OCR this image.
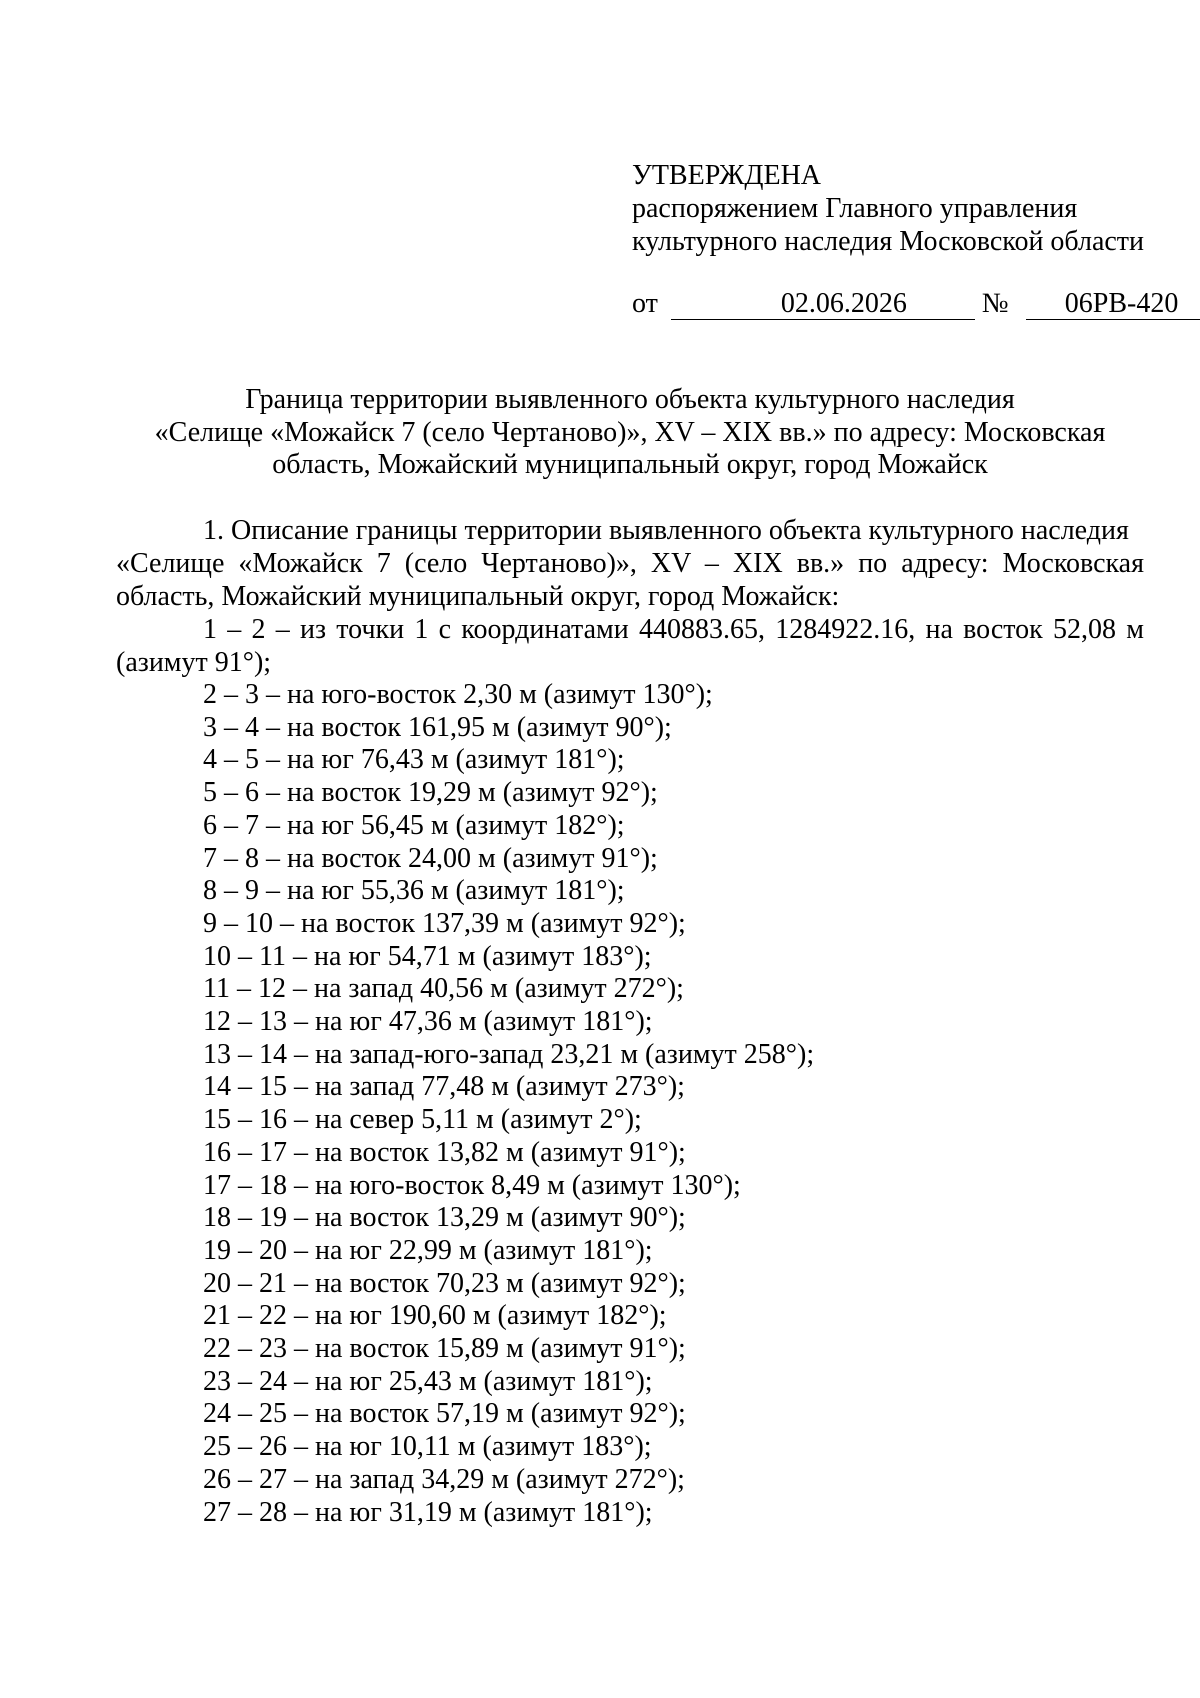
УТВЕРЖДЕНА
распоряжением Главного управления
культурного наследия Московской области
от	02.06.2026	№ 06РВ-420
Граница территории выявленного объекта культурного наследия
«Селище «Можайск 7 (село Чертаново)», XV – XIX вв.» по адресу: Московская
область, Можайский муниципальный округ, город Можайск
1. Описание границы территории выявленного объекта культурного наследия
«Селище «Можайск 7 (село Чертаново)», XV – XIX вв.» по адресу: Московская
область, Можайский муниципальный округ, город Можайск:
1 – 2 – из точки 1 с координатами 440883.65, 1284922.16, на восток 52,08 м
(азимут 91°);
2 – 3 – на юго-восток 2,30 м (азимут 130°);
3 – 4 – на восток 161,95 м (азимут 90°);
4 – 5 – на юг 76,43 м (азимут 181°);
5 – 6 – на восток 19,29 м (азимут 92°);
6 – 7 – на юг 56,45 м (азимут 182°);
7 – 8 – на восток 24,00 м (азимут 91°);
8 – 9 – на юг 55,36 м (азимут 181°);
9 – 10 – на восток 137,39 м (азимут 92°);
10 – 11 – на юг 54,71 м (азимут 183°);
11 – 12 – на запад 40,56 м (азимут 272°);
12 – 13 – на юг 47,36 м (азимут 181°);
13 – 14 – на запад-юго-запад 23,21 м (азимут 258°);
14 – 15 – на запад 77,48 м (азимут 273°);
15 – 16 – на север 5,11 м (азимут 2°);
16 – 17 – на восток 13,82 м (азимут 91°);
17 – 18 – на юго-восток 8,49 м (азимут 130°);
18 – 19 – на восток 13,29 м (азимут 90°);
19 – 20 – на юг 22,99 м (азимут 181°);
20 – 21 – на восток 70,23 м (азимут 92°);
21 – 22 – на юг 190,60 м (азимут 182°);
22 – 23 – на восток 15,89 м (азимут 91°);
23 – 24 – на юг 25,43 м (азимут 181°);
24 – 25 – на восток 57,19 м (азимут 92°);
25 – 26 – на юг 10,11 м (азимут 183°);
26 – 27 – на запад 34,29 м (азимут 272°);
27 – 28 – на юг 31,19 м (азимут 181°);
